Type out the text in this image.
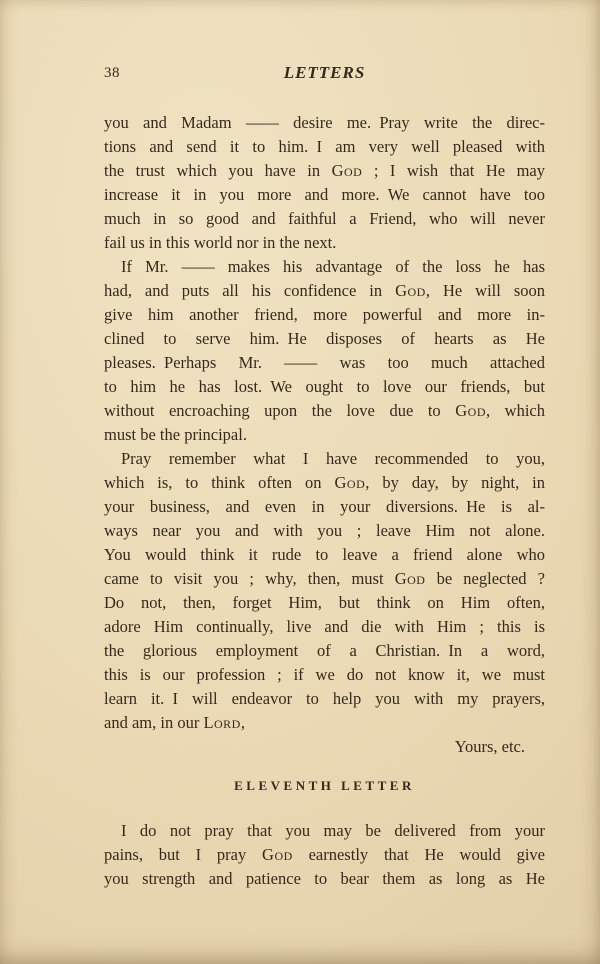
38	LETTERS
you and Madam —— desire me. Pray write the direc-
tions and send it to him. I am very well pleased with
the trust which you have in God ; I wish that He may
increase it in you more and more. We cannot have too
much in so good and faithful a Friend, who will never
fail us in this world nor in the next.
If Mr. —— makes his advantage of the loss he has
had, and puts all his confidence in God, He will soon
give him another friend, more powerful and more in-
clined to serve him. He disposes of hearts as He
pleases. Perhaps Mr. —— was too much attached
to him he has lost. We ought to love our friends, but
without encroaching upon the love due to God, which
must be the principal.
Pray remember what I have recommended to you,
which is, to think often on God, by day, by night, in
your business, and even in your diversions. He is al-
ways near you and with you ; leave Him not alone.
You would think it rude to leave a friend alone who
came to visit you ; why, then, must God be neglected ?
Do not, then, forget Him, but think on Him often,
adore Him continually, live and die with Him ; this is
the glorious employment of a Christian. In a word,
this is our profession ; if we do not know it, we must
learn it. I will endeavor to help you with my prayers,
and am, in our Lord,
Yours, etc.
ELEVENTH LETTER
I do not pray that you may be delivered from your
pains, but I pray God earnestly that He would give
you strength and patience to bear them as long as He
